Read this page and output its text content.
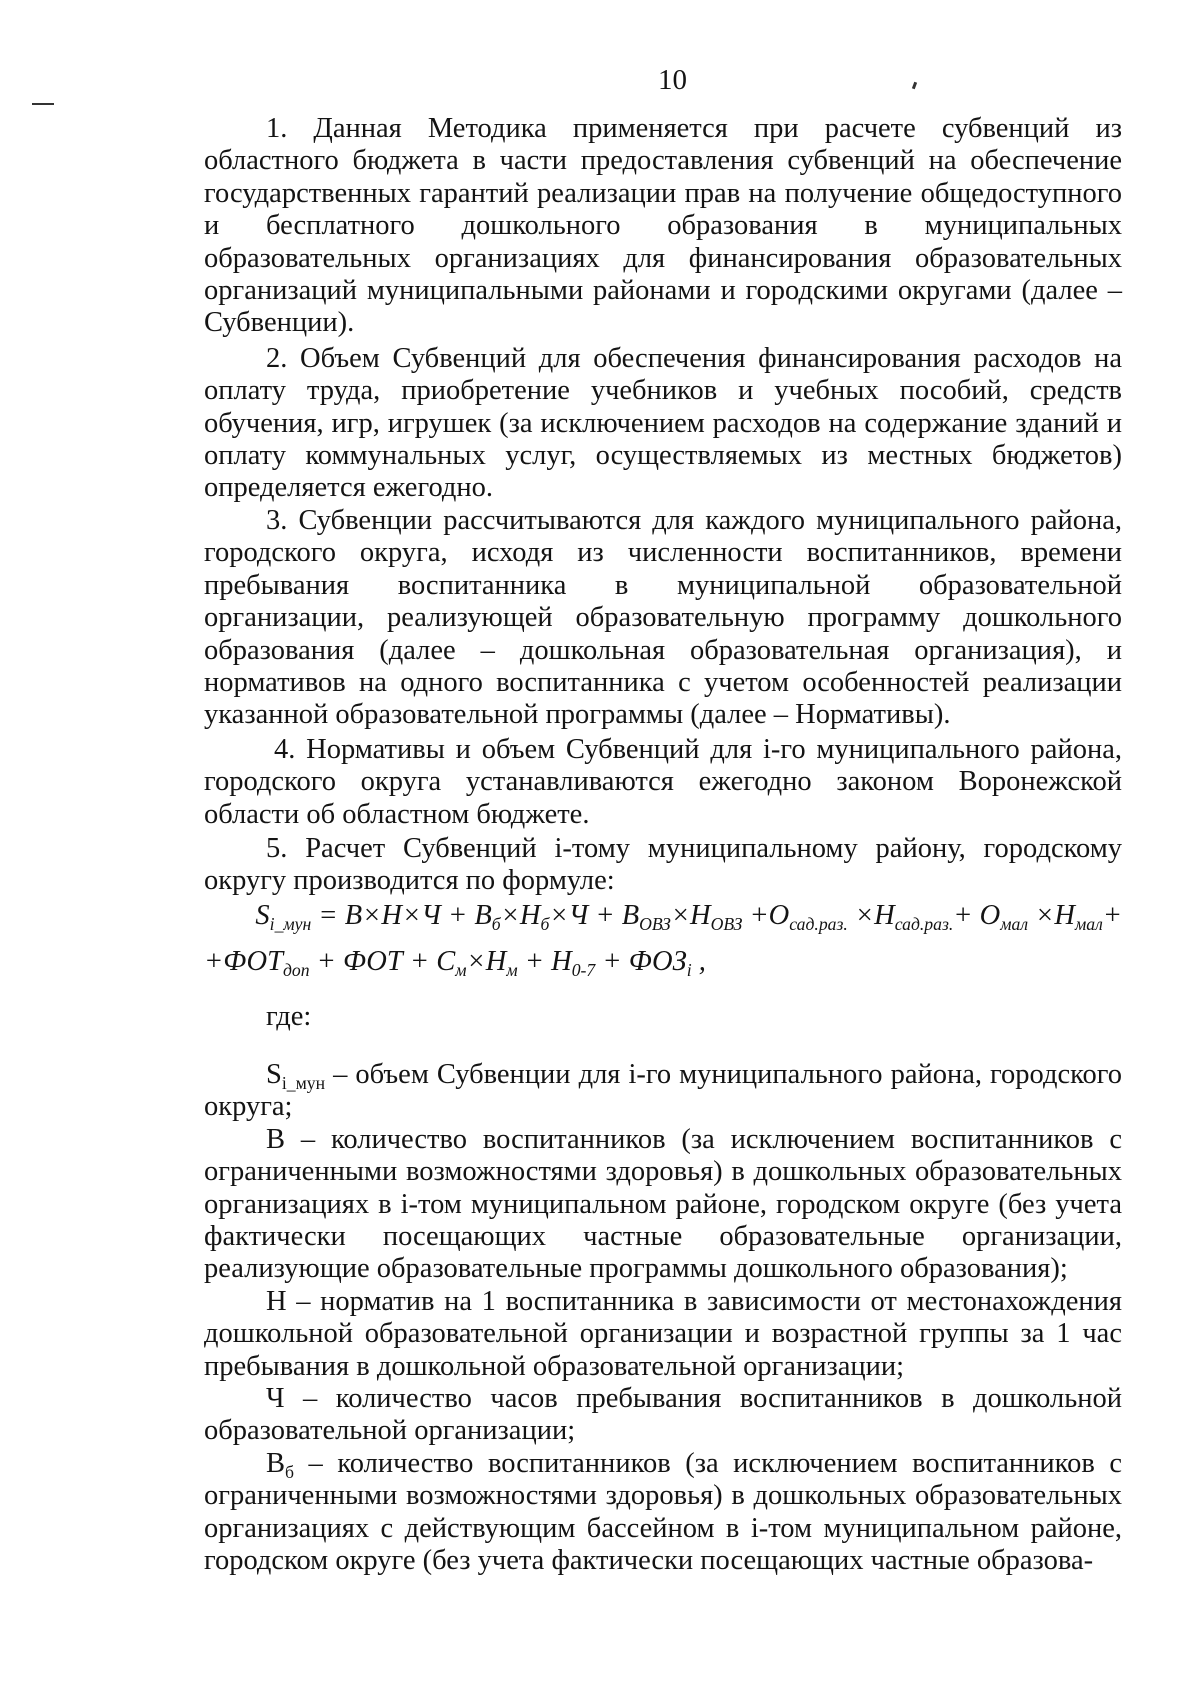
10

1. Данная Методика применяется при расчете субвенций из областного бюджета в части предоставления субвенций на обеспечение государственных гарантий реализации прав на получение общедоступного и бесплатного дошкольного образования в муниципальных образовательных организациях для финансирования образовательных организаций муниципальными районами и городскими округами (далее – Субвенции).

2. Объем Субвенций для обеспечения финансирования расходов на оплату труда, приобретение учебников и учебных пособий, средств обучения, игр, игрушек (за исключением расходов на содержание зданий и оплату коммунальных услуг, осуществляемых из местных бюджетов) определяется ежегодно.

3. Субвенции рассчитываются для каждого муниципального района, городского округа, исходя из численности воспитанников, времени пребывания воспитанника в муниципальной образовательной организации, реализующей образовательную программу дошкольного образования (далее – дошкольная образовательная организация), и нормативов на одного воспитанника с учетом особенностей реализации указанной образовательной программы (далее – Нормативы).

4. Нормативы и объем Субвенций для i-го муниципального района, городского округа устанавливаются ежегодно законом Воронежской области об областном бюджете.

5. Расчет Субвенций i-тому муниципальному району, городскому округу производится по формуле:

$S_{i\_мун} = B\times H\times Ч + B_б\times H_б\times Ч + B_{ОВЗ}\times H_{ОВЗ} +O_{сад.раз.} \times H_{сад.раз.}+ O_{мал} \times H_{мал}+$

$+ФОТ_{доп}$ + ФОТ + $С_м\times Н_м + Н_{0-7} + ФОЗ_i$ ,

где:

$S_{i\_мун}$ – объем Субвенции для i-го муниципального района, городского округа;

В – количество воспитанников (за исключением воспитанников с ограниченными возможностями здоровья) в дошкольных образовательных организациях в i-том муниципальном районе, городском округе (без учета фактически посещающих частные образовательные организации, реализующие образовательные программы дошкольного образования);

Н – норматив на 1 воспитанника в зависимости от местонахождения дошкольной образовательной организации и возрастной группы за 1 час пребывания в дошкольной образовательной организации;

Ч – количество часов пребывания воспитанников в дошкольной образовательной организации;

$В_б$ – количество воспитанников (за исключением воспитанников с ограниченными возможностями здоровья) в дошкольных образовательных организациях с действующим бассейном в i-том муниципальном районе, городском округе (без учета фактически посещающих частные образова-
